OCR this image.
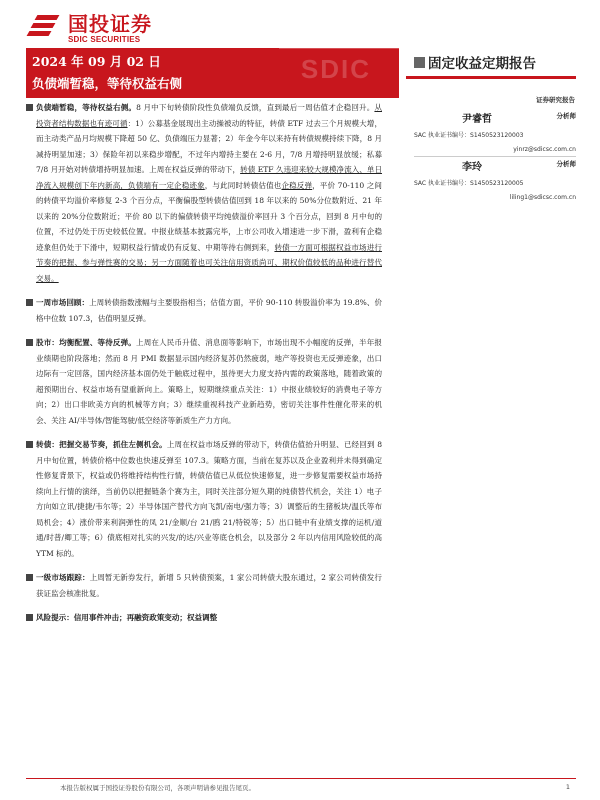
国投证券
SDIC SECURITIES
SDIC
2024 年 09 月 02 日
负债端暂稳，等待权益右侧
固定收益定期报告
证券研究报告
尹睿哲	分析师
SAC 执业证书编号：S1450523120003
yinrz@sdicsc.com.cn
李玲	分析师
SAC 执业证书编号：S1450523120005
liling1@sdicsc.com.cn
负债端暂稳，等待权益右侧。8 月中下旬转债阶段性负债端负反馈，直到最后一周估值才企稳回升。从投资者结构数据也有迹可循：1）公募基金展现出主动操被动的特征，转债 ETF 过去三个月规模大增，而主动类产品月均规模下降超 50 亿、负债端压力显著；2）年金今年以来持有转债规模持续下降，8 月减持明显加速；3）保险年初以来稳步增配，不过年内增持主要在 2-6 月，7/8 月增持明显放缓；私募 7/8 月开始对转债增持明显加速。上周在权益反弹的带动下，转债 ETF 久违迎来较大规模净流入、单日净流入规模创下年内新高，负债端有一定企稳迹象，与此同时转债估值也企稳反弹，平价 70-110 之间的转债平均溢价率修复 2-3 个百分点，平衡偏股型转债估值回到 18 年以来的 50%分位数附近、21 年以来的 20%分位数附近；平价 80 以下的偏债转债平均纯债溢价率回升 3 个百分点，回到 8 月中旬的位置，不过仍处于历史较低位置。中报业绩基本披露完毕，上市公司收入增速进一步下滑，盈利有企稳迹象但仍处于下滑中，短期权益行情或仍有反复、中期等待右侧到来，转债一方面可根据权益市场进行节奏的把握、参与弹性赛的交易；另一方面随着也可关注信用资质尚可、期权价值较低的品种进行替代交易。
一周市场回顾：上周转债指数涨幅与主要股指相当；估值方面，平价 90-110 转股溢价率为 19.8%、价格中位数 107.3，估值明显反弹。
股市：均衡配置、等待反弹。上周在人民币升值、消息面等影响下，市场出现不小幅度的反弹，半年报业绩期也阶段落地；然而 8 月 PMI 数据显示国内经济复苏仍然疲弱，地产等投资也无反弹迹象，出口边际有一定回落，国内经济基本面仍处于触底过程中，虽待更大力度支持内需的政策落地，随着政策的超预期出台、权益市场有望重新向上。策略上，短期继续重点关注：1）中报业绩较好的消费电子等方向；2）出口非欧美方向的机械等方向；3）继续重视科技产业新趋势，密切关注事件性催化带来的机会、关注 AI/半导体/智能驾驶/低空经济等新质生产力方向。
转债：把握交易节奏，抓住左侧机会。上周在权益市场反弹的带动下，转债估值抬升明显、已经回到 8 月中旬位置，转债价格中位数也快速反弹至 107.3。策略方面，当前在复苏以及企业盈利并未得到确定性修复背景下，权益或仍将维持结构性行情，转债估值已从低位快速修复，进一步修复需要权益市场持续向上行情的演绎，当前仍以把握链条个赛为主，同时关注部分短久期的纯债替代机会，关注 1）电子方向如立讯/捷捷/韦尔等；2）半导体国产替代方向飞凯/南电/强力等；3）调整后的生猪板块/温氏等布局机会；4）涨价带来利润弹性的凤 21/金顺/台 21/鸥 21/特锐等；5）出口链中有业绩支撑的运机/道通/时普/卿工等；6）债底相对扎实的兴发/的达/兴业等底仓机会，以及部分 2 年以内信用风险较低的高 YTM 标的。
一级市场跟踪：上周暂无新券发行，新增 5 只转债预案，1 家公司转债大股东通过，2 家公司转债发行获证监会核准批复。
风险提示：信用事件冲击；再融资政策变动；权益调整
本报告版权属于国投证券股份有限公司，各项声明请参见报告尾页。	1
